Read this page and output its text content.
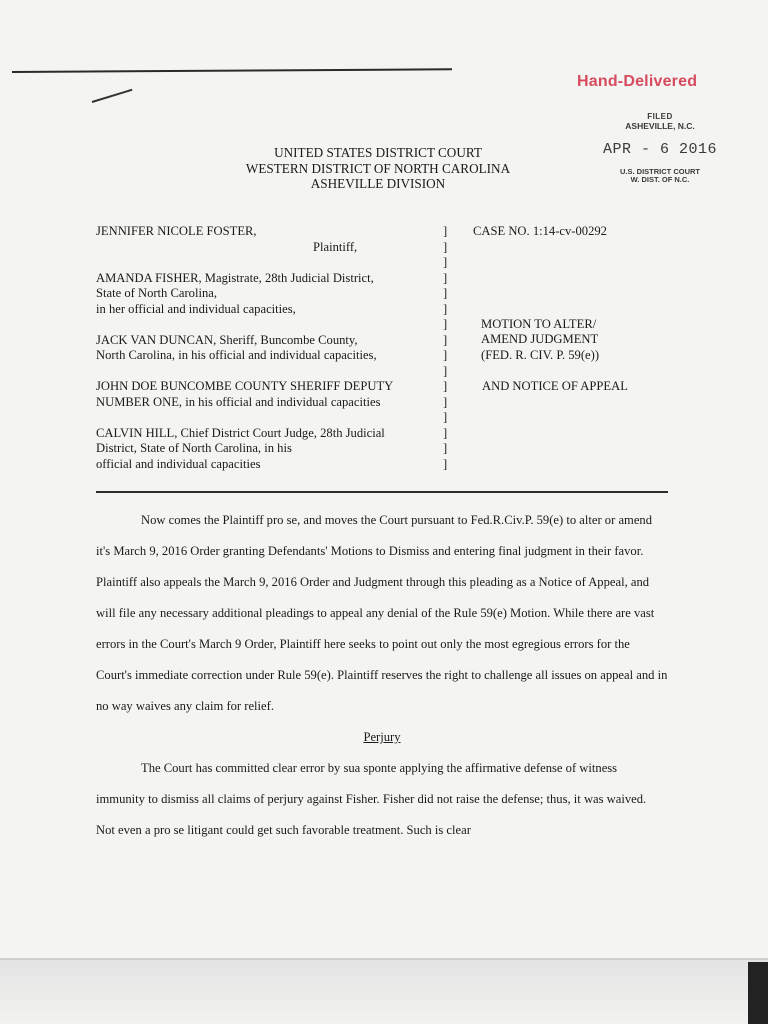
Hand-Delivered
FILED
ASHEVILLE, N.C.
APR - 6 2016
U.S. DISTRICT COURT
W. DIST. OF N.C.
UNITED STATES DISTRICT COURT
WESTERN DISTRICT OF NORTH CAROLINA
ASHEVILLE DIVISION
JENNIFER NICOLE FOSTER,
Plaintiff,
AMANDA FISHER, Magistrate, 28th Judicial District,
State of North Carolina,
in her official and individual capacities,
JACK VAN DUNCAN, Sheriff, Buncombe County,
North Carolina, in his official and individual capacities,
JOHN DOE BUNCOMBE COUNTY SHERIFF DEPUTY
NUMBER ONE, in his official and individual capacities
CALVIN HILL, Chief District Court Judge, 28th Judicial
District, State of North Carolina, in his
official and individual capacities
]
]
]
]
]
]
]
]
]
]
]
]
]
]
]
]
CASE NO. 1:14-cv-00292
MOTION TO ALTER/
AMEND JUDGMENT
(FED. R. CIV. P. 59(e))
AND NOTICE OF APPEAL

Now comes the Plaintiff pro se, and moves the Court pursuant to Fed.R.Civ.P. 59(e) to alter or amend it's March 9, 2016 Order granting Defendants' Motions to Dismiss and entering final judgment in their favor. Plaintiff also appeals the March 9, 2016 Order and Judgment through this pleading as a Notice of Appeal, and will file any necessary additional pleadings to appeal any denial of the Rule 59(e) Motion. While there are vast errors in the Court's March 9 Order, Plaintiff here seeks to point out only the most egregious errors for the Court's immediate correction under Rule 59(e). Plaintiff reserves the right to challenge all issues on appeal and in no way waives any claim for relief.

Perjury

The Court has committed clear error by sua sponte applying the affirmative defense of witness immunity to dismiss all claims of perjury against Fisher. Fisher did not raise the defense; thus, it was waived. Not even a pro se litigant could get such favorable treatment. Such is clear
